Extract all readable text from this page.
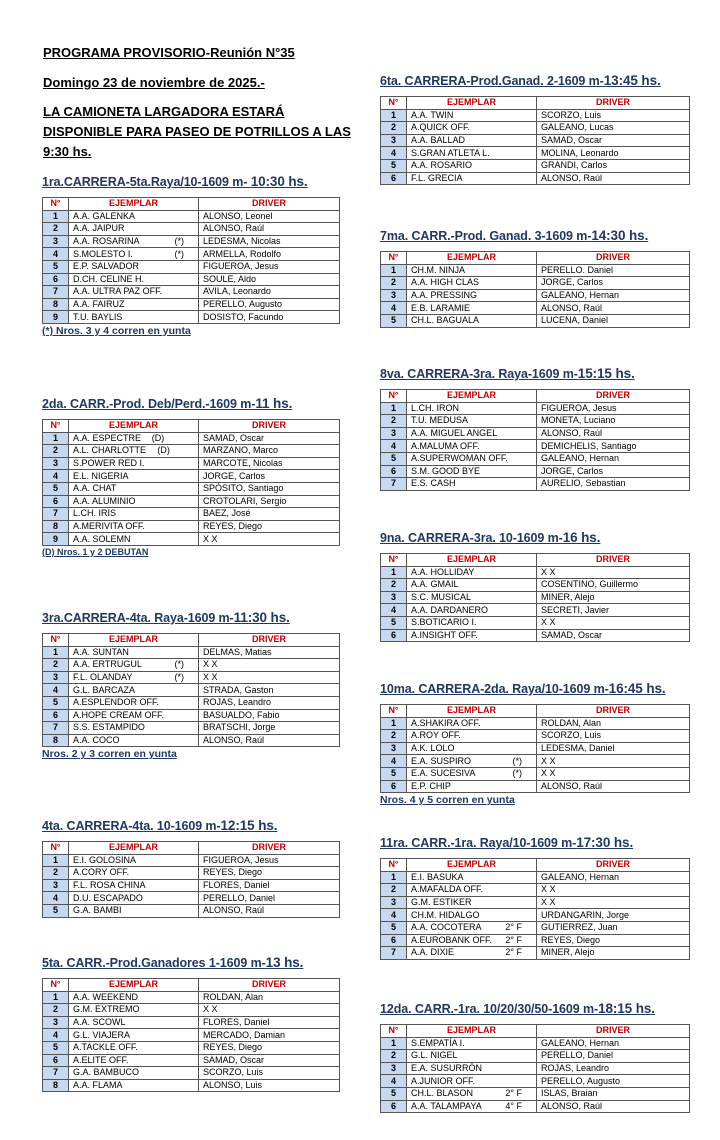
PROGRAMA PROVISORIO-Reunión N°35
Domingo 23 de noviembre de 2025.-
LA CAMIONETA LARGADORA ESTARÁ
DISPONIBLE PARA PASEO DE POTRILLOS A LAS
9:30 hs.
1ra.CARRERA-5ta.Raya/10-1609 m- 10:30 hs.
N°	EJEMPLAR	DRIVER
1	A.A. GALENKA	ALONSO, Leonel
2	A.A. JAIPUR	ALONSO, Raúl
3	A.A. ROSARINA (*)	LEDESMA, Nicolas
4	S.MOLESTO I. (*)	ARMELLA, Rodolfo
5	E.P. SALVADOR	FIGUEROA, Jesus
6	D.CH. CELINE H.	SOULE, Aldo
7	A.A. ULTRA PAZ OFF.	AVILA, Leonardo
8	A.A. FAIRUZ	PERELLO, Augusto
9	T.U. BAYLIS	DOSISTO, Facundo
(*) Nros. 3 y 4 corren en yunta
2da. CARR.-Prod. Deb/Perd.-1609 m-11 hs.
N°	EJEMPLAR	DRIVER
1	A.A. ESPECTRE (D)	SAMAD, Oscar
2	A.L. CHARLOTTE (D)	MARZANO, Marco
3	S.POWER RED I.	MARCOTE, Nicolas
4	E.L. NIGERIA	JORGE, Carlos
5	A.A. CHAT	SPÓSITO, Santiago
6	A.A. ALUMINIO	CROTOLARI, Sergio
7	L.CH. IRIS	BAEZ, José
8	A.MERIVITA OFF.	REYES, Diego
9	A.A. SOLEMN	X X
(D) Nros. 1 y 2 DEBUTAN
3ra.CARRERA-4ta. Raya-1609 m-11:30 hs.
N°	EJEMPLAR	DRIVER
1	A.A. SUNTAN	DELMAS, Matias
2	A.A. ERTRUGUL (*)	X X
3	F.L. OLANDAY (*)	X X
4	G.L. BARCAZA	STRADA, Gaston
5	A.ESPLENDOR OFF.	ROJAS, Leandro
6	A.HOPE CREAM OFF.	BASUALDO, Fabio
7	S.S. ESTAMPIDO	BRATSCHI, Jorge
8	A.A. COCO	ALONSO, Raúl
Nros. 2 y 3 corren en yunta
4ta. CARRERA-4ta. 10-1609 m-12:15 hs.
N°	EJEMPLAR	DRIVER
1	E.I. GOLOSINA	FIGUEROA, Jesus
2	A.CORY OFF.	REYES, Diego
3	F.L. ROSA CHINA	FLORES, Daniel
4	D.U. ESCAPADO	PERELLO, Daniel
5	G.A. BAMBI	ALONSO, Raúl
5ta. CARR.-Prod.Ganadores 1-1609 m-13 hs.
N°	EJEMPLAR	DRIVER
1	A.A. WEEKEND	ROLDAN, Alan
2	G.M. EXTREMO	X X
3	A.A. SCOWL	FLORES, Daniel
4	G.L. VIAJERA	MERCADO, Damian
5	A.TACKLE OFF.	REYES, Diego
6	A.ELITE OFF.	SAMAD, Oscar
7	G.A. BAMBUCO	SCORZO, Luis
8	A.A. FLAMA	ALONSO, Luis
6ta. CARRERA-Prod.Ganad. 2-1609 m-13:45 hs.
N°	EJEMPLAR	DRIVER
1	A.A. TWIN	SCORZO, Luis
2	A.QUICK OFF.	GALEANO, Lucas
3	A.A. BALLAD	SAMAD, Oscar
4	S.GRAN ATLETA L.	MOLINA, Leonardo
5	A.A. ROSARIO	GRANDI, Carlos
6	F.L. GRECIA	ALONSO, Raúl
7ma. CARR.-Prod. Ganad. 3-1609 m-14:30 hs.
N°	EJEMPLAR	DRIVER
1	CH.M. NINJA	PERELLO. Daniel
2	A.A. HIGH CLAS	JORGE, Carlos
3	A.A. PRESSING	GALEANO, Hernan
4	E.B. LARAMIE	ALONSO, Raúl
5	CH.L. BAGUALA	LUCENA, Daniel
8va. CARRERA-3ra. Raya-1609 m-15:15 hs.
N°	EJEMPLAR	DRIVER
1	L.CH. IRON	FIGUEROA, Jesus
2	T.U. MEDUSA	MONETA, Luciano
3	A.A. MIGUEL ANGEL	ALONSO, Raúl
4	A.MALUMA OFF.	DEMICHELIS, Santiago
5	A.SUPERWOMAN OFF.	GALEANO, Hernan
6	S.M. GOOD BYE	JORGE, Carlos
7	E.S. CASH	AURELIO, Sebastian
9na. CARRERA-3ra. 10-1609 m-16 hs.
N°	EJEMPLAR	DRIVER
1	A.A. HOLLIDAY	X X
2	A.A. GMAIL	COSENTINO, Guillermo
3	S.C. MUSICAL	MINER, Alejo
4	A.A. DARDANERO	SECRETI, Javier
5	S.BOTICARIO I.	X X
6	A.INSIGHT OFF.	SAMAD, Oscar
10ma. CARRERA-2da. Raya/10-1609 m-16:45 hs.
N°	EJEMPLAR	DRIVER
1	A.SHAKIRA OFF.	ROLDAN, Alan
2	A.ROY OFF.	SCORZO, Luis
3	A.K. LOLO	LEDESMA, Daniel
4	E.A. SUSPIRO (*)	X X
5	E.A. SUCESIVA (*)	X X
6	E.P. CHIP	ALONSO, Raúl
Nros. 4 y 5 corren en yunta
11ra. CARR.-1ra. Raya/10-1609 m-17:30 hs.
N°	EJEMPLAR	DRIVER
1	E.I. BASUKA	GALEANO, Hernan
2	A.MAFALDA OFF.	X X
3	G.M. ESTIKER	X X
4	CH.M. HIDALGO	URDANGARIN, Jorge
5	A.A. COCOTERA 2° F	GUTIERREZ, Juan
6	A.EUROBANK OFF. 2° F	REYES, Diego
7	A.A. DIXIE 2° F	MINER, Alejo
12da. CARR.-1ra. 10/20/30/50-1609 m-18:15 hs.
N°	EJEMPLAR	DRIVER
1	S.EMPATÍA I.	GALEANO, Hernan
2	G.L. NIGEL	PERELLO, Daniel
3	E.A. SUSURRÓN	ROJAS, Leandro
4	A.JUNIOR OFF.	PERELLO, Augusto
5	CH.L. BLASON 2° F	ISLAS, Braian
6	A.A. TALAMPAYA 4° F	ALONSO, Raúl
